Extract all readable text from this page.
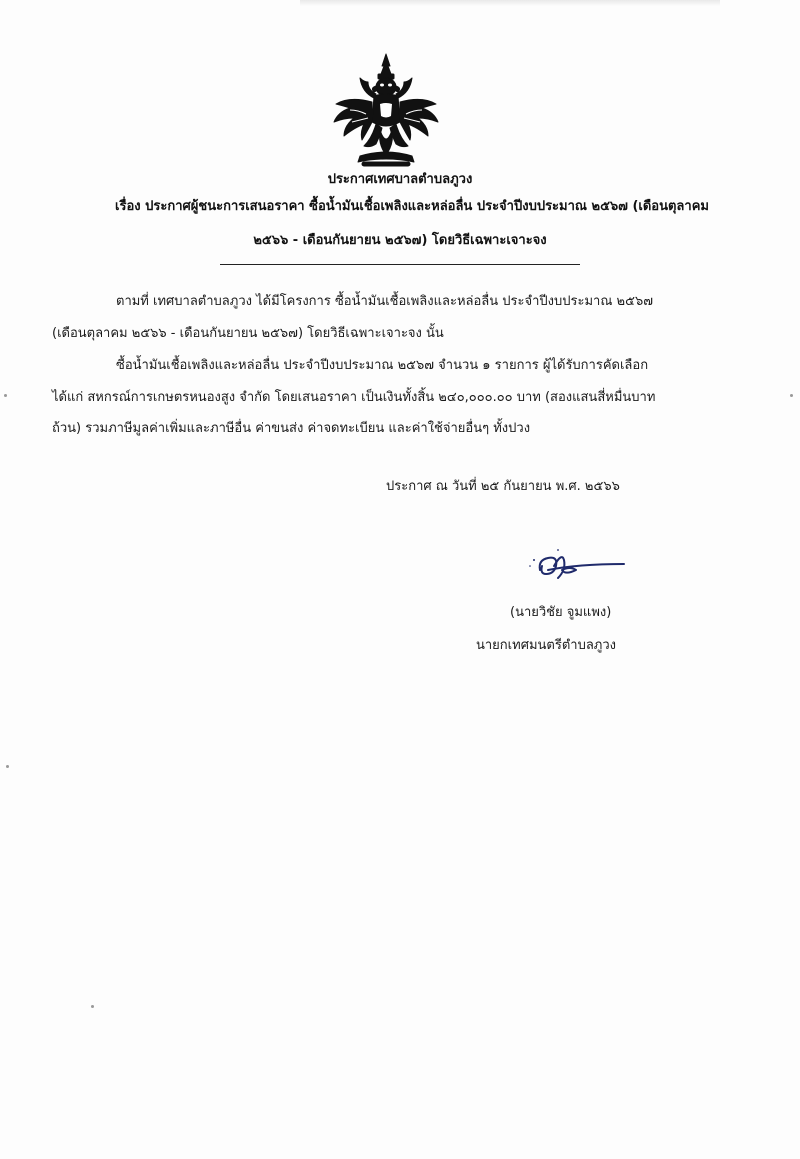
ประกาศเทศบาลตำบลภูวง
เรื่อง ประกาศผู้ชนะการเสนอราคา ซื้อน้ำมันเชื้อเพลิงและหล่อลื่น ประจำปีงบประมาณ ๒๕๖๗ (เดือนตุลาคม
๒๕๖๖ - เดือนกันยายน ๒๕๖๗) โดยวิธีเฉพาะเจาะจง
ตามที่ เทศบาลตำบลภูวง ได้มีโครงการ ซื้อน้ำมันเชื้อเพลิงและหล่อลื่น ประจำปีงบประมาณ ๒๕๖๗
(เดือนตุลาคม ๒๕๖๖ - เดือนกันยายน ๒๕๖๗) โดยวิธีเฉพาะเจาะจง นั้น
ซื้อน้ำมันเชื้อเพลิงและหล่อลื่น ประจำปีงบประมาณ ๒๕๖๗ จำนวน ๑ รายการ ผู้ได้รับการคัดเลือก
ได้แก่ สหกรณ์การเกษตรหนองสูง จำกัด โดยเสนอราคา เป็นเงินทั้งสิ้น ๒๔๐,๐๐๐.๐๐ บาท (สองแสนสี่หมื่นบาท
ถ้วน) รวมภาษีมูลค่าเพิ่มและภาษีอื่น ค่าขนส่ง ค่าจดทะเบียน และค่าใช้จ่ายอื่นๆ ทั้งปวง
ประกาศ ณ วันที่ ๒๕ กันยายน พ.ศ. ๒๕๖๖
(นายวิชัย จูมแพง)
นายกเทศมนตรีตำบลภูวง
